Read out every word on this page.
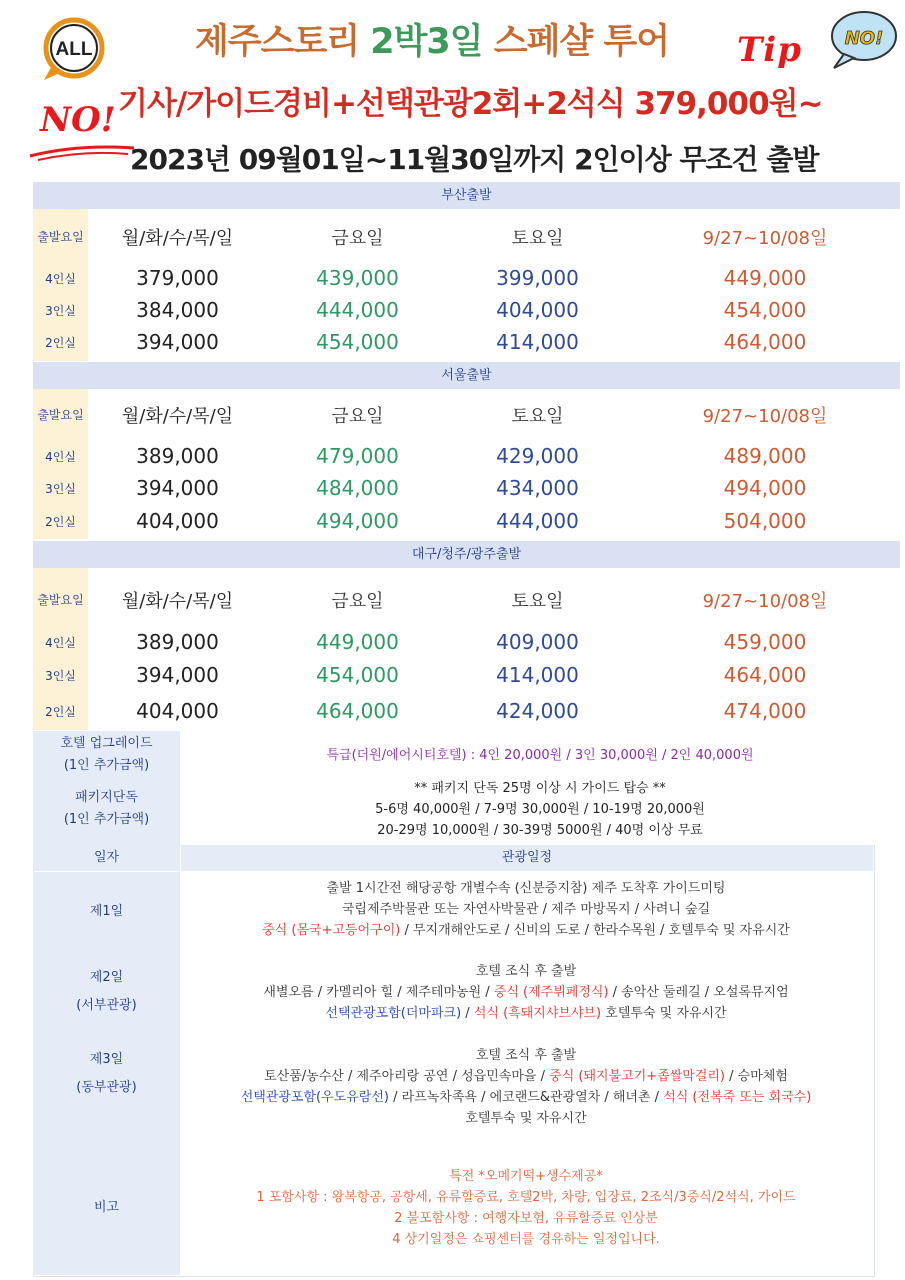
ALL	제주스토리 2박3일 스페샬 투어 Tip NO!
기사/가이드경비+선택관광2회+2석식 379,000원~
NO!
2023년 09월01일~11월30일까지 2인이상 무조건 출발
부산출발
출발요일	월/화/수/목/일	금요일	토요일	9/27~10/08일
4인실	379,000	439,000	399,000	449,000
3인실	384,000	444,000	404,000	454,000
2인실	394,000	454,000	414,000	464,000
서울출발
출발요일	월/화/수/목/일	금요일	토요일	9/27~10/08일
4인실	389,000	479,000	429,000	489,000
3인실	394,000	484,000	434,000	494,000
2인실	404,000	494,000	444,000	504,000
대구/청주/광주출발
출발요일	월/화/수/목/일	금요일	토요일	9/27~10/08일
4인실	389,000	449,000	409,000	459,000
3인실	394,000	454,000	414,000	464,000
2인실	404,000	464,000	424,000	474,000
호텔 업그레이드
(1인 추가금액)
특급(더원/에어시티호텔) : 4인 20,000원 / 3인 30,000원 / 2인 40,000원
패키지단독
(1인 추가금액)
** 패키지 단독 25명 이상 시 가이드 탑승 **
5-6명 40,000원 / 7-9명 30,000원 / 10-19명 20,000원
20-29명 10,000원 / 30-39명 5000원 / 40명 이상 무료
일자	관광일정
제1일
출발 1시간전 해당공항 개별수속 (신분증지참) 제주 도착후 가이드미팅
국립제주박물관 또는 자연사박물관 / 제주 마방목지 / 사려니 숲길
중식 (몸국+고등어구이) / 무지개해안도로 / 신비의 도로 / 한라수목원 / 호텔투숙 및 자유시간
제2일
(서부관광)
호텔 조식 후 출발
새별오름 / 카멜리아 힐 / 제주테마농원 / 중식 (제주뷔페정식) / 송악산 둘레길 / 오설록뮤지엄
선택관광포함(더마파크) / 석식 (흑돼지샤브샤브) 호텔투숙 및 자유시간
제3일
(동부관광)
호텔 조식 후 출발
토산품/농수산 / 제주아리랑 공연 / 성읍민속마을 / 중식 (돼지불고기+좁쌀막걸리) / 승마체험
선택관광포함(우도유람선) / 라프녹차족욕 / 에코랜드&관광열차 / 해녀촌 / 석식 (전복죽 또는 회국수)
호텔투숙 및 자유시간
비고
특전 *오메기떡+생수제공*
1 포함사항 : 왕복항공, 공항세, 유류할증료, 호텔2박, 차량, 입장료, 2조식/3중식/2석식, 가이드
2 불포함사항 : 여행자보험, 유류할증료 인상분
4 상기일정은 쇼핑센터를 경유하는 일정입니다.
